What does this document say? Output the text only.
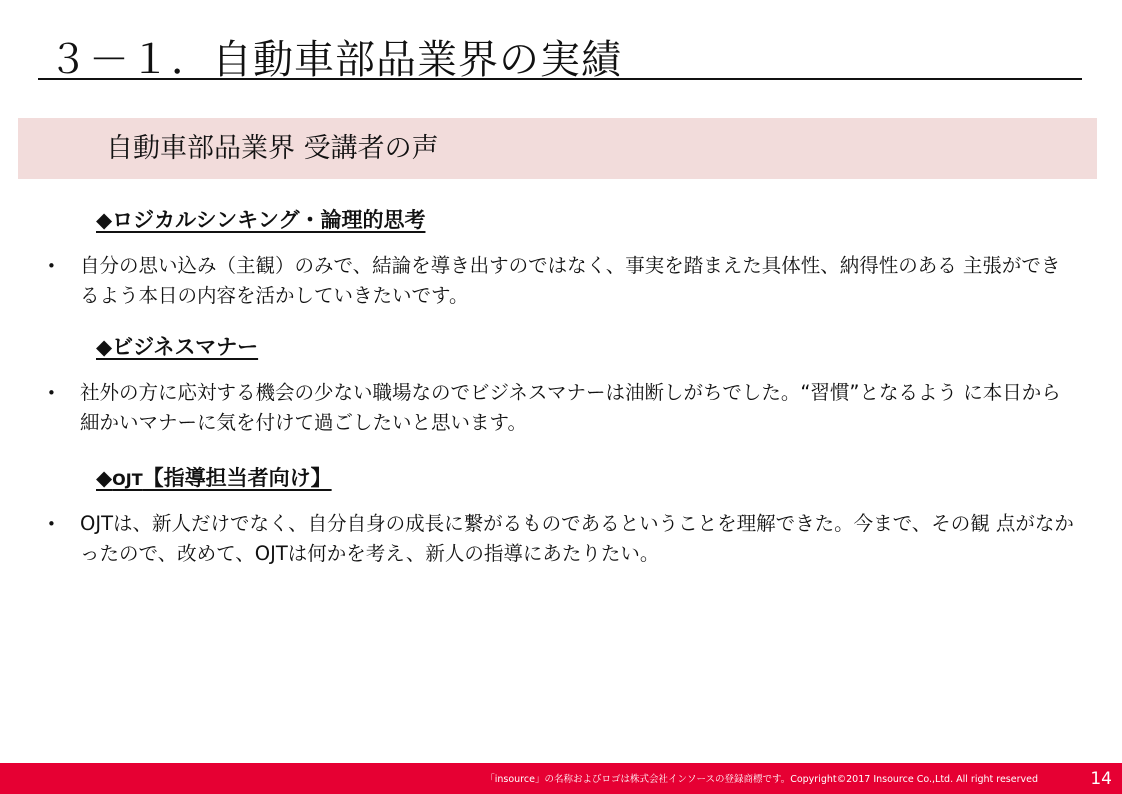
３－１．自動車部品業界の実績
自動車部品業界 受講者の声
◆ロジカルシンキング・論理的思考
•	自分の思い込み（主観）のみで、結論を導き出すのではなく、事実を踏まえた具体性、納得性のある 主張ができるよう本日の内容を活かしていきたいです。
◆ビジネスマナー
•	社外の方に応対する機会の少ない職場なのでビジネスマナーは油断しがちでした。“習慣”となるよう に本日から細かいマナーに気を付けて過ごしたいと思います。
◆OJT【指導担当者向け】
•	OJTは、新人だけでなく、自分自身の成長に繋がるものであるということを理解できた。今まで、その観 点がなかったので、改めて、OJTは何かを考え、新人の指導にあたりたい。
「insource」の名称およびロゴは株式会社インソースの登録商標です。Copyright©2017 Insource Co.,Ltd. All right reserved	14
